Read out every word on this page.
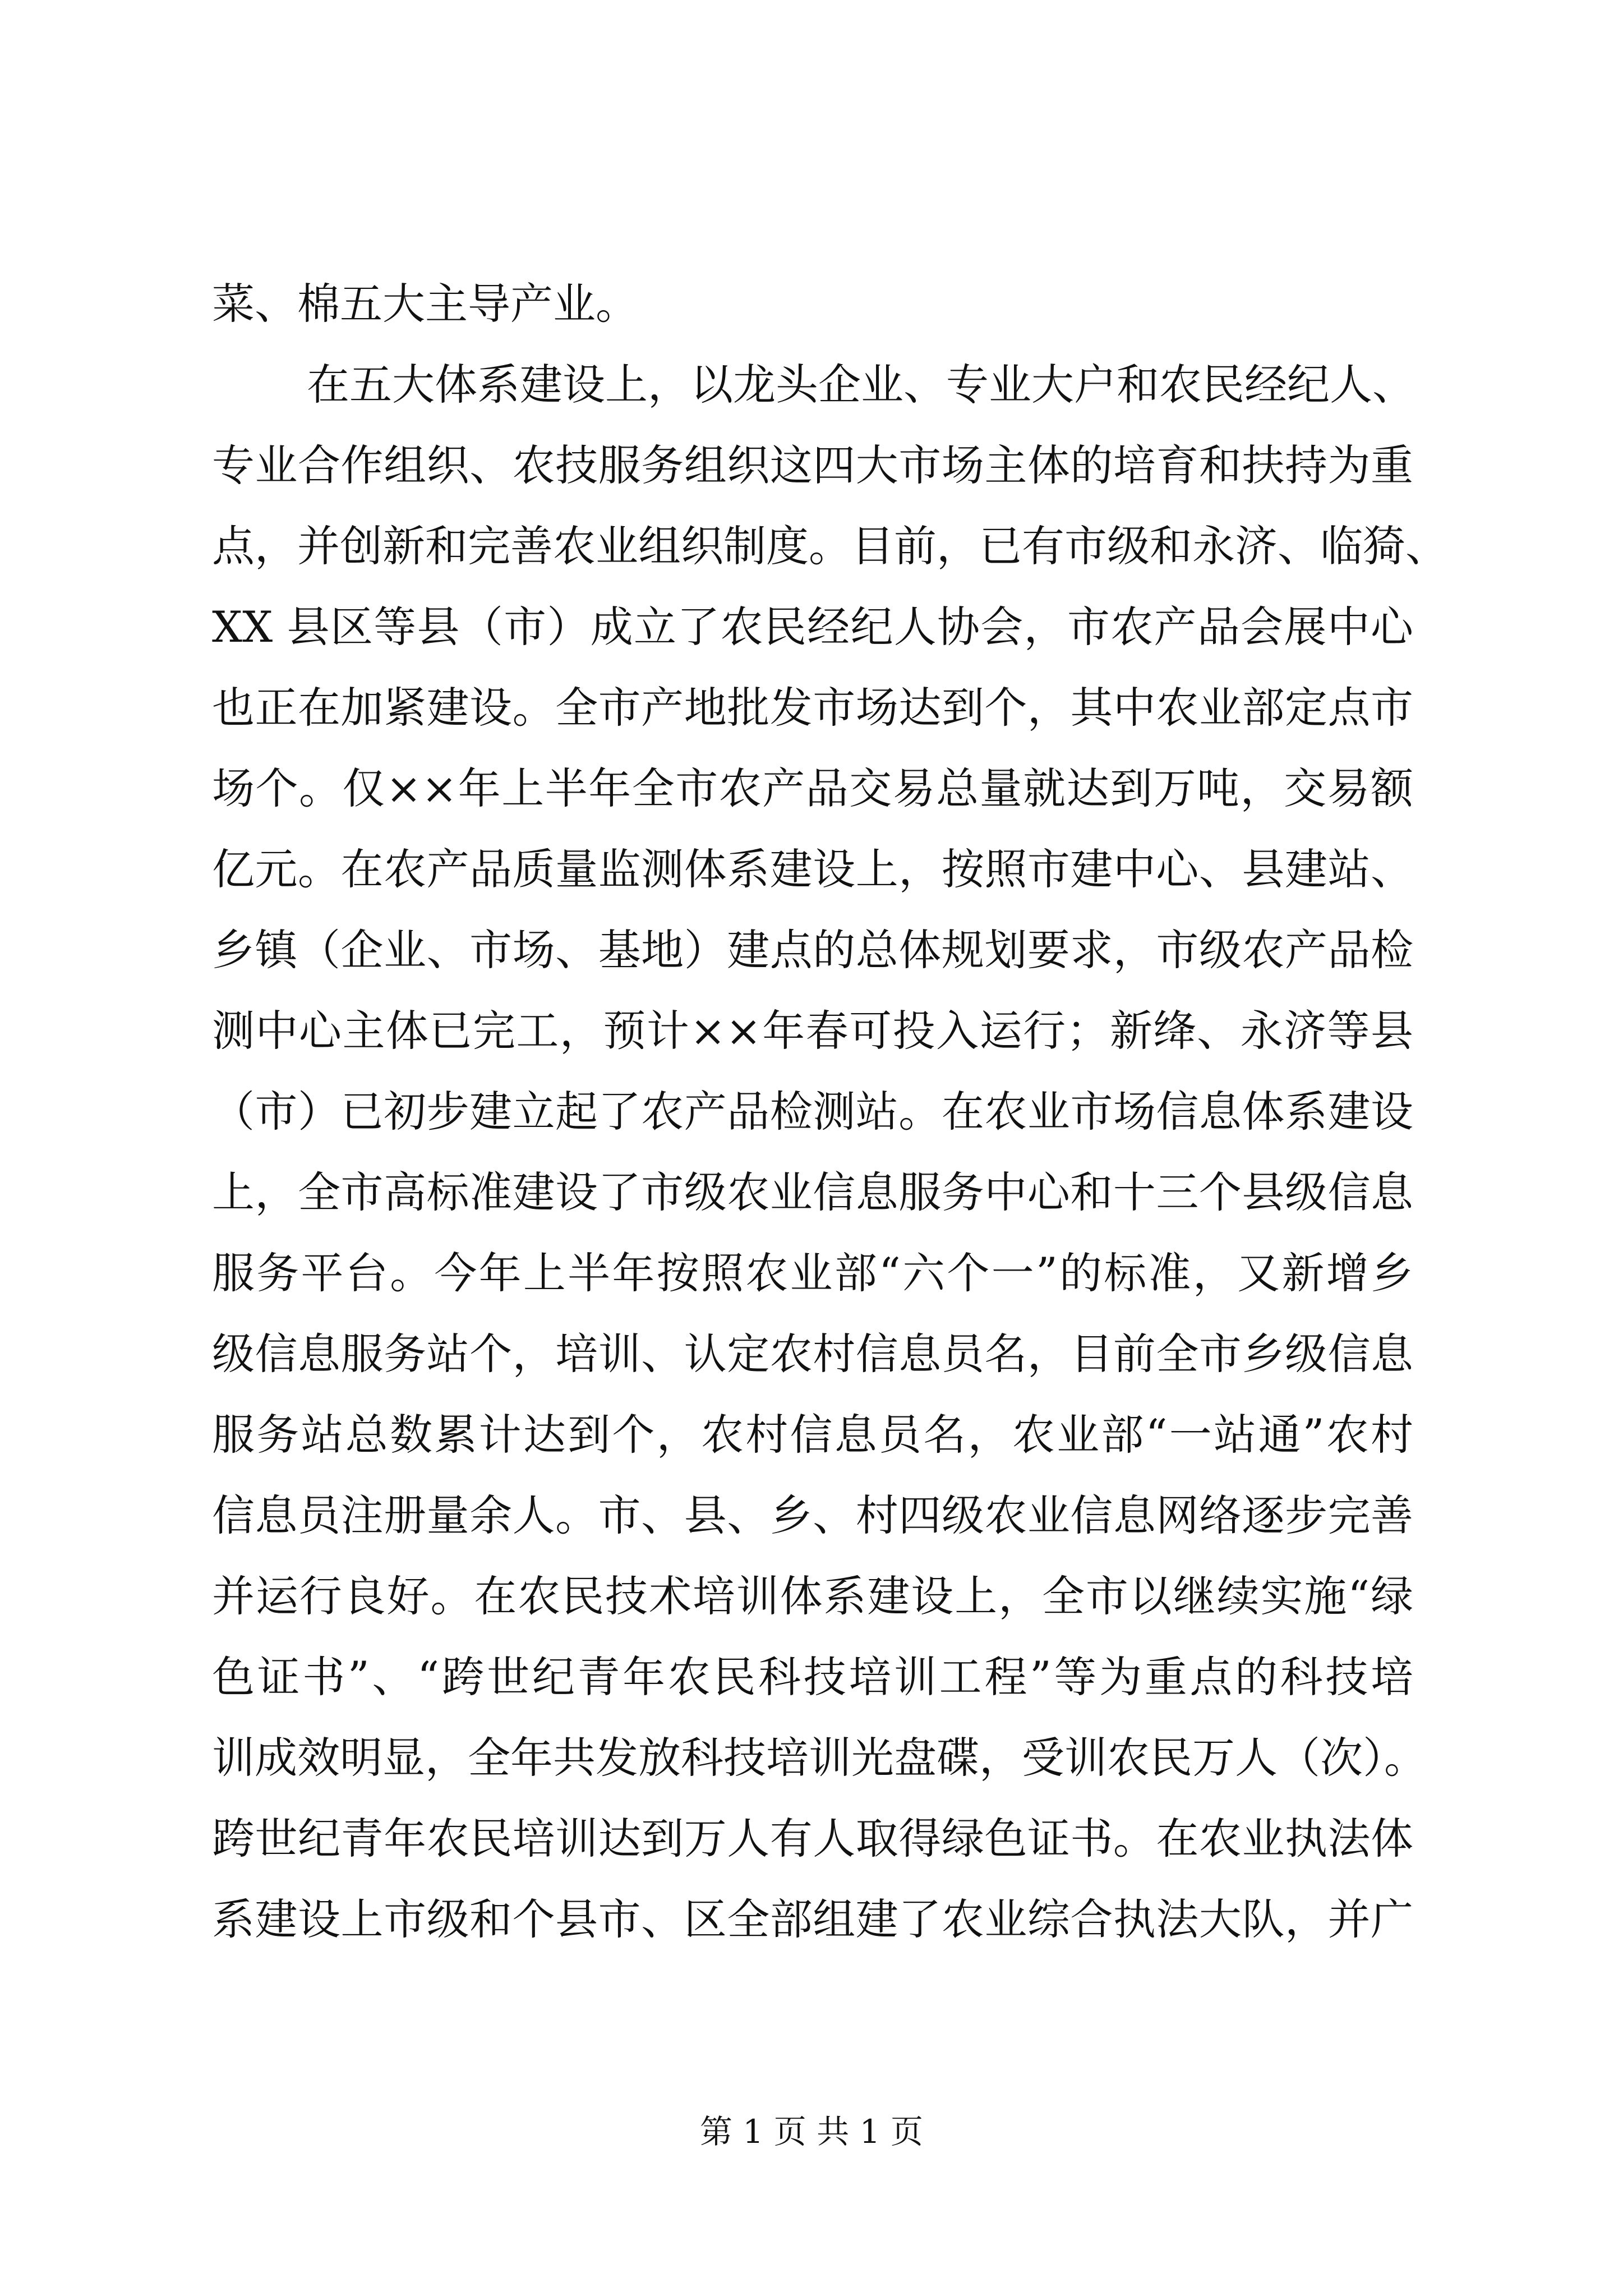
菜、棉五大主导产业。
在五大体系建设上，以龙头企业、专业大户和农民经纪人、
专业合作组织、农技服务组织这四大市场主体的培育和扶持为重
点，并创新和完善农业组织制度。目前，已有市级和永济、临猗、
XX 县区等县（市）成立了农民经纪人协会，市农产品会展中心
也正在加紧建设。全市产地批发市场达到个，其中农业部定点市
场个。仅××年上半年全市农产品交易总量就达到万吨，交易额
亿元。在农产品质量监测体系建设上，按照市建中心、县建站、
乡镇（企业、市场、基地）建点的总体规划要求，市级农产品检
测中心主体已完工，预计××年春可投入运行；新绛、永济等县
（市）已初步建立起了农产品检测站。在农业市场信息体系建设
上，全市高标准建设了市级农业信息服务中心和十三个县级信息
服务平台。今年上半年按照农业部“六个一”的标准，又新增乡
级信息服务站个，培训、认定农村信息员名，目前全市乡级信息
服务站总数累计达到个，农村信息员名，农业部“一站通”农村
信息员注册量余人。市、县、乡、村四级农业信息网络逐步完善
并运行良好。在农民技术培训体系建设上，全市以继续实施“绿
色证书”、“跨世纪青年农民科技培训工程”等为重点的科技培
训成效明显，全年共发放科技培训光盘碟，受训农民万人（次）。
跨世纪青年农民培训达到万人有人取得绿色证书。在农业执法体
系建设上市级和个县市、区全部组建了农业综合执法大队，并广
第 1 页 共 1 页
